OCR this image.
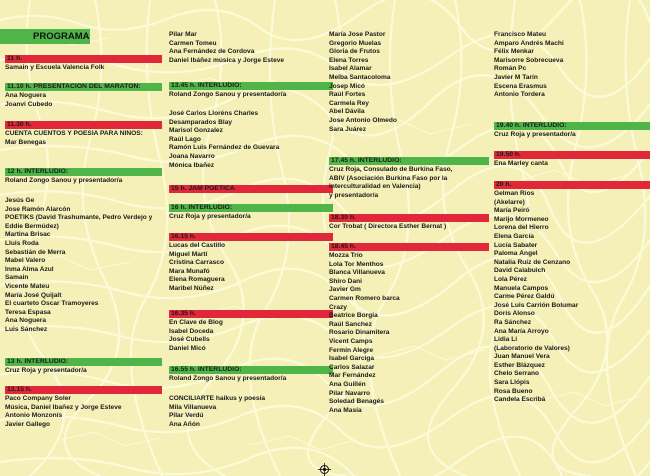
PROGRAMA
11 h.
Samain y Escuela Valencia Folk
11.10 h. PRESENTACIÓN DEL MARATÓN:
Ana Noguera
Joanvi Cubedo
11.30 h.
CUENTA CUENTOS Y POESÍA PARA NIÑOS:
Mar Benegas
12 h. INTERLUDIO:
Roland Zongo Sanou y presentador/a
Jesús Ge
Jose Ramón Alarcón
POETIKS (David Trashumante, Pedro Verdejo y Eddie Bermúdez)
Martina Brisac
Lluis Roda
Sebastián de Merra
Mabel Valero
Inma Alma Azul
Samain
Vicente Mateu
María José Quijalt
El cuarteto Oscar Tramoyeres
Teresa Espasa
Ana Noguera
Luis Sánchez
13 h. INTERLUDIO:
Cruz Roja y presentador/a
13.15 h.
Paco Company Soler
Música, Daniel Ibañez y Jorge Esteve
Antonio Monzonís
Javier Gallego
Pilar Mar
Carmen Tomeu
Ana Fernández de Cordova
Daniel Ibáñez música y Jorge Esteve
13.45 h. INTERLUDIO:
Roland Zongo Sanou y presentador/a
José Carlos Lloréns Charles
Desamparados Blay
Marisol Gonzalez
Raúl Lago
Ramón Luis Fernández de Guevara
Joana Navarro
Mónica Ibañez
15 h. JAM POÉTICA
16 h. INTERLUDIO:
Cruz Roja y presentador/a
16.15 h.
Lucas del Castillo
Miguel Martí
Cristina Carrasco
Mara Munafó
Elena Romaguera
Maribel Núñez
16.35 h.
En Clave de Blog
Isabel Doceda
José Cubells
Daniel Micó
16.55 h. INTERLUDIO:
Roland Zongo Sanou y presentador/a
CONCILIARTE haikus y poesía
Mila Villanueva
Pilar Verdú
Ana Añón
María Jose Pastor
Gregorio Muelas
Gloria de Frutos
Elena Torres
Isabel Alamar
Melba Santacoloma
Josep Micó
Raúl Fortes
Carmela Rey
Abel Dávila
Jose Antonio Olmedo
Sara Juárez
17.45 h. INTERLUDIO:
Cruz Roja, Consulado de Burkina Faso,
ABIV (Asociación Burkina Faso por la
Interculturalidad en Valencia)
y presentador/a
18.30 h.
Cor Trobat ( Directora Esther Bernat )
18.45 h.
Mozza Trío
Lola Tor Menthos
Blanca Villanueva
Shiro Dani
Javier Gm
Carmen Romero barca
Crazy
Beatrice Borgia
Raúl Sanchez
Rosario Dinamitera
Vicent Camps
Fermín Alegre
Isabel Garciga
Carlos Salazar
Mar Fernández
Ana Guillén
Pilar Navarro
Soledad Benagés
Ana Masía
Francisco Mateu
Amparo Andrés Machí
Félix Menkar
Marisorre Sobrecueva
Román Pc
Javier M Tarín
Escena Erasmus
Antonio Tordera
19.40 h. INTERLUDIO:
Cruz Roja y presentador/a
19.50 h.
Ena Marley canta
20 h.
Gelman Ríos
(Akelarre)
María Peiró
Marijo Mormeneo
Lorena del Hierro
Elena García
Lucía Sabater
Paloma Ángel
Natalia Ruiz de Cenzano
David Calabuich
Lola Pérez
Manuela Campos
Carme Pérez Galdú
José Luis Carrión Bolumar
Doris Alonso
Ra Sánchez
Ana María Arroyo
Lidia Li
(Laboratorio de Valores)
Juan Manuel Vera
Esther Blázquez
Chelo Serrano
Sara Llópis
Rosa Bueno
Candela Escribá
